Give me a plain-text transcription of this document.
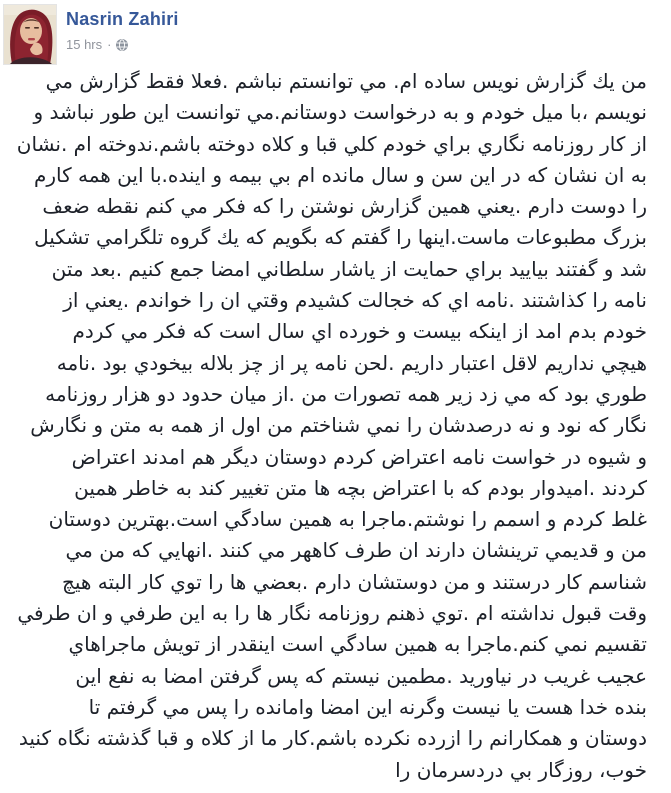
Nasrin Zahiri
15 hrs ·
من يك گزارش نويس ساده ام. مي توانستم نباشم .فعلا فقط گزارش مي
نويسم ،با ميل خودم و به درخواست دوستانم.مي توانست اين طور نباشد و
از كار روزنامه نگاري براي خودم كلي قبا و كلاه دوخته باشم.ندوخته ام .نشان
به ان نشان كه در اين سن و سال مانده ام بي بيمه و اينده.با اين همه كارم
را دوست دارم .يعني همين گزارش نوشتن را كه فكر مي كنم نقطه ضعف
بزرگ مطبوعات ماست.اينها را گفتم كه بگويم كه يك گروه تلگرامي تشكيل
شد و گفتند بياييد براي حمايت از ياشار سلطاني امضا جمع كنيم .بعد متن
نامه را كذاشتند .نامه اي كه خجالت كشيدم وقتي ان را خواندم .يعني از
خودم بدم امد از اينكه بيست و خورده اي سال است كه فكر مي كردم
هيچي نداريم لاقل اعتبار داريم .لحن نامه پر از چز بلاله بيخودي بود .نامه
طوري بود كه مي زد زير همه تصورات من .از ميان حدود دو هزار روزنامه
نگار كه نود و نه درصدشان را نمي شناختم من اول از همه به متن و نگارش
و شيوه در خواست نامه اعتراض كردم دوستان ديگر هم امدند اعتراض
كردند .اميدوار بودم كه با اعتراض بچه ها متن تغيير كند به خاطر همين
غلط كردم و اسمم را نوشتم.ماجرا به همين سادگي است.بهترين دوستان
من و قديمي ترينشان دارند ان طرف كاههر مي كنند .انهايي كه من مي
شناسم كار درستند و من دوستشان دارم .بعضي ها را توي كار البته هيچ
وقت قبول نداشته ام .توي ذهنم روزنامه نگار ها را به اين طرفي و ان طرفي
تقسيم نمي كنم.ماجرا به همين سادگي است اينقدر از تويش ماجراهاي
عجيب غريب در نياوريد .مطمين نيستم كه پس گرفتن امضا به نفع اين
بنده خدا هست يا نيست وگرنه اين امضا وامانده را پس مي گرفتم تا
دوستان و همكارانم را ازرده نكرده باشم.كار ما از كلاه و قبا گذشته نگاه كنيد
خوب، روزگار بي دردسرمان را
